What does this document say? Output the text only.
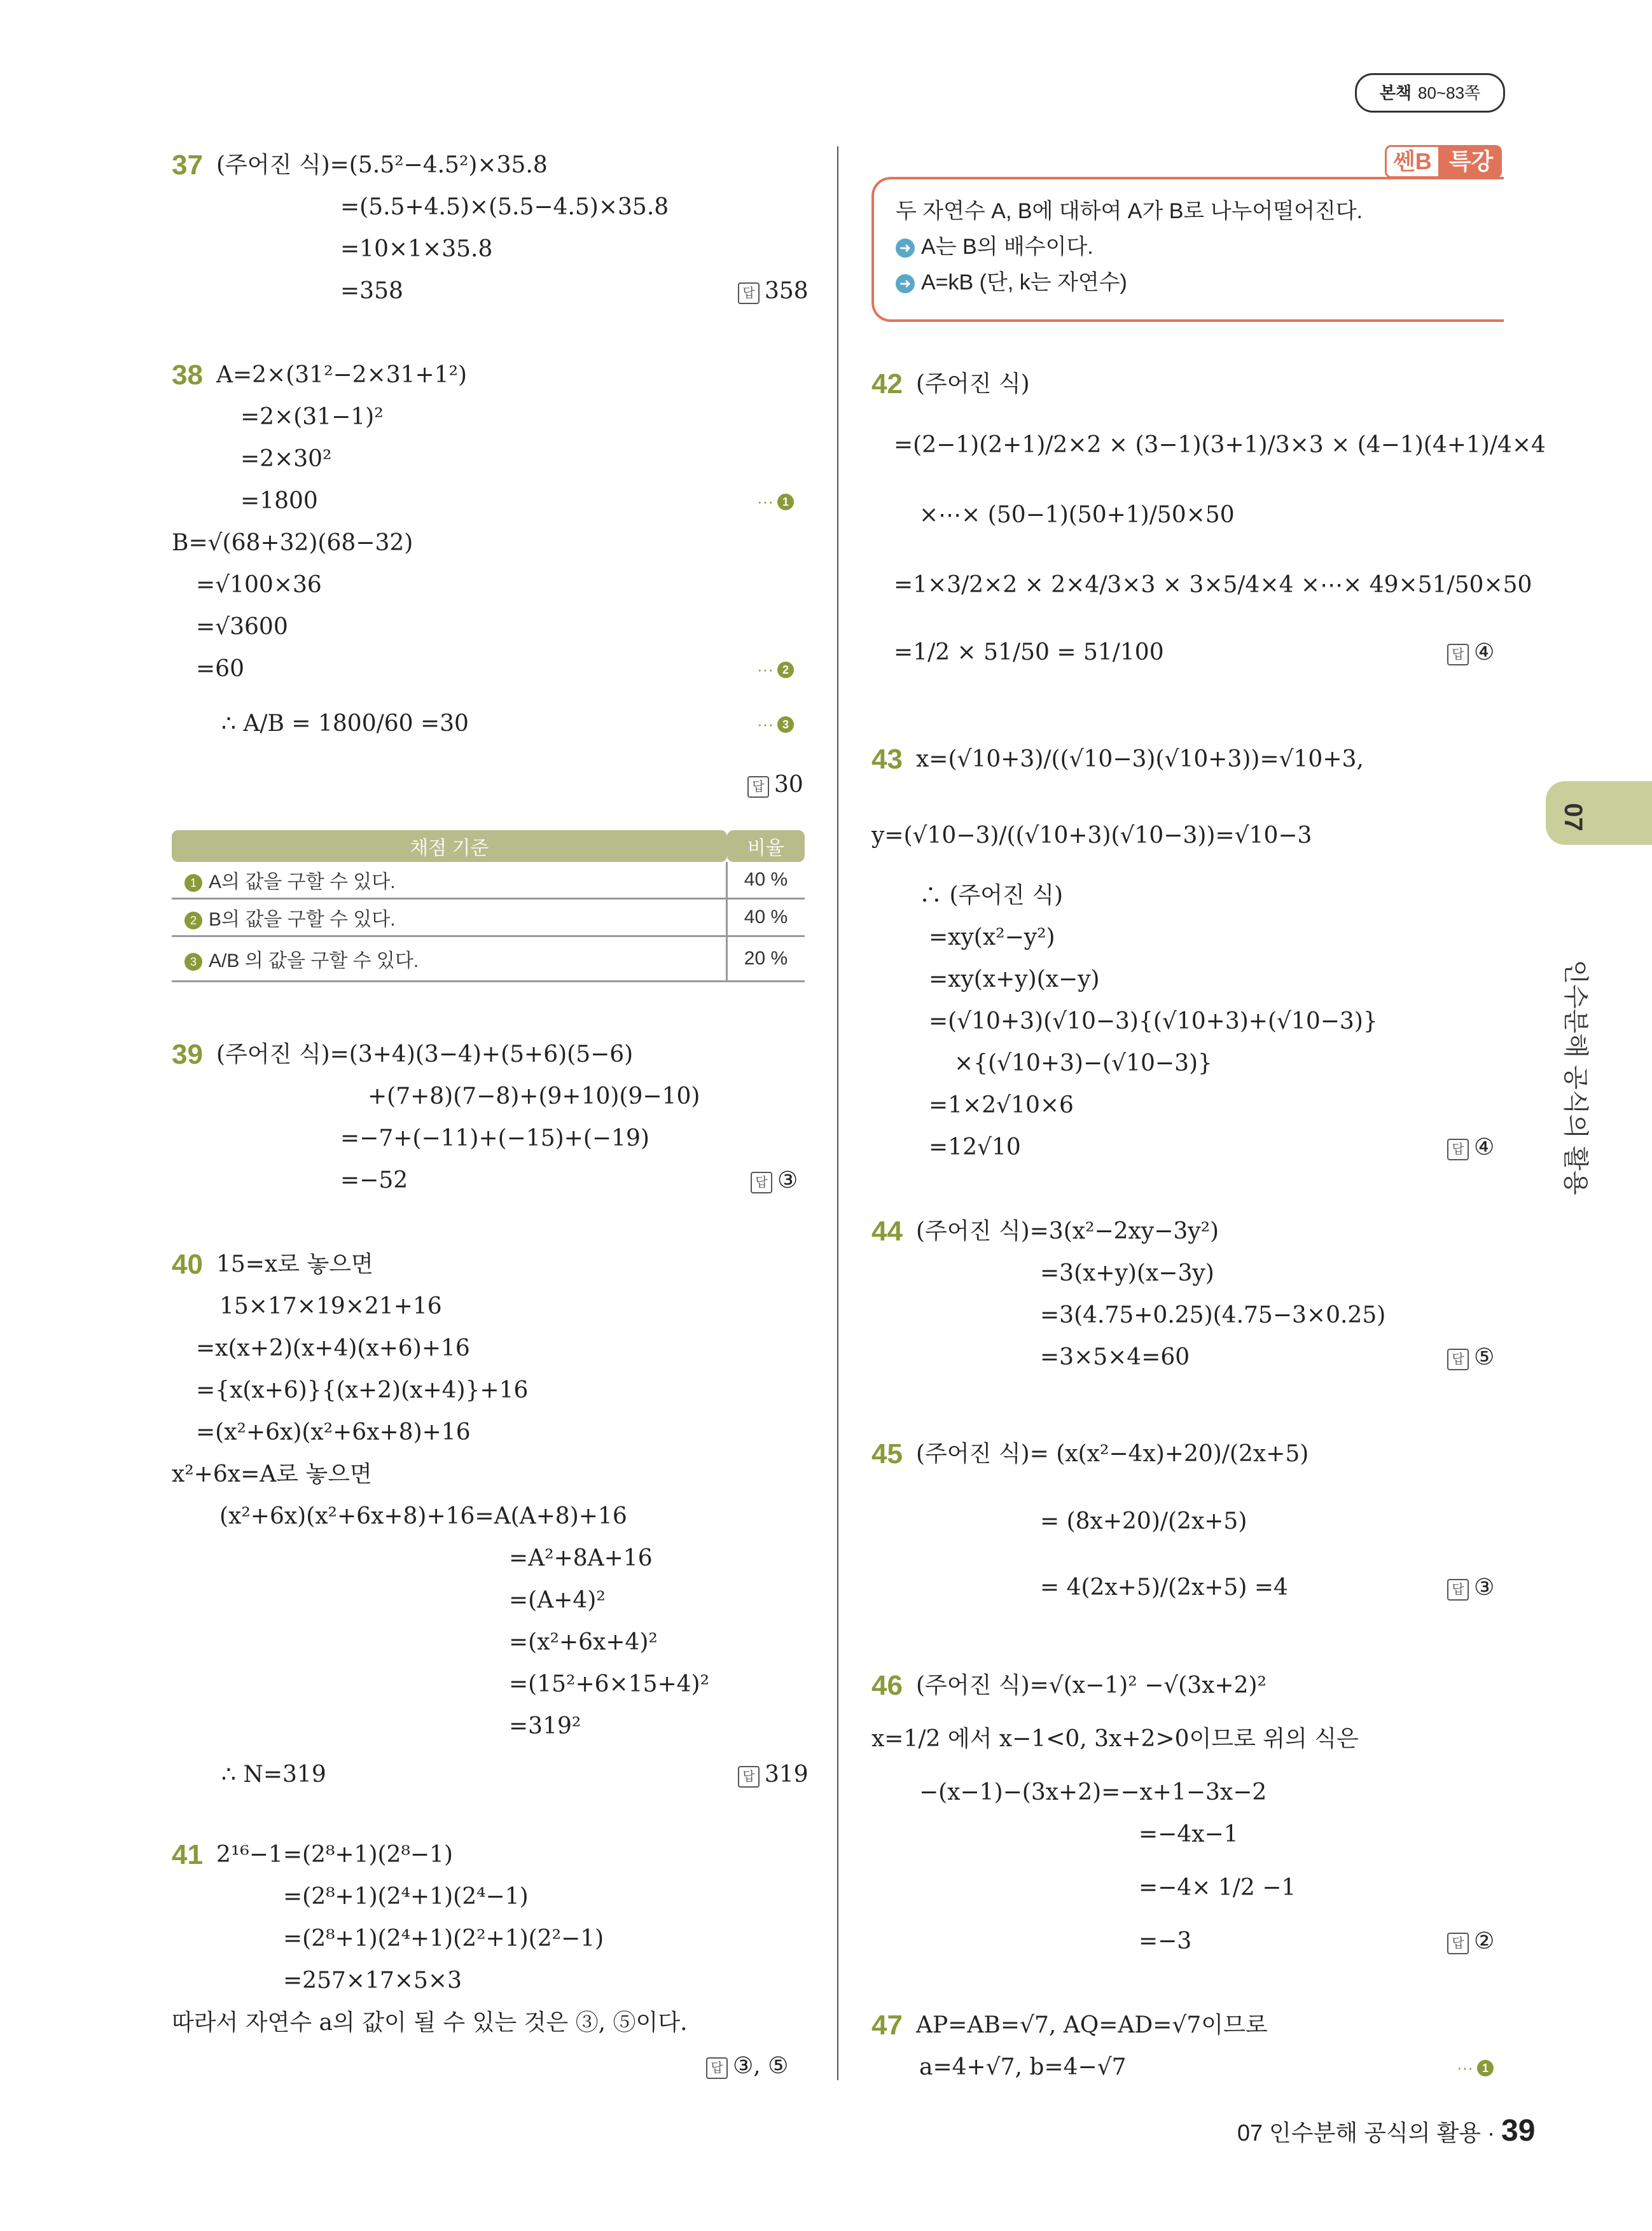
본책 80~83쪽
37 (주어진 식)=(5.5²−4.5²)×35.8
=(5.5+4.5)×(5.5−4.5)×35.8
=10×1×35.8
=358	답 358
38 A=2×(31²−2×31+1²)
=2×(31−1)²
=2×30²
=1800	··· 1
B=√(68+32)(68−32)
=√100×36
=√3600
=60	··· 2
∴ A/B = 1800/60 =30	··· 3
답 30
채점 기준	비율
1 A의 값을 구할 수 있다.	40 %
2 B의 값을 구할 수 있다.	40 %
3 A/B 의 값을 구할 수 있다.	20 %
39 (주어진 식)=(3+4)(3−4)+(5+6)(5−6)
+(7+8)(7−8)+(9+10)(9−10)
=−7+(−11)+(−15)+(−19)
=−52	답 ③
40 15=x로 놓으면
15×17×19×21+16
=x(x+2)(x+4)(x+6)+16
={x(x+6)}{(x+2)(x+4)}+16
=(x²+6x)(x²+6x+8)+16
x²+6x=A로 놓으면
(x²+6x)(x²+6x+8)+16=A(A+8)+16
=A²+8A+16
=(A+4)²
=(x²+6x+4)²
=(15²+6×15+4)²
=319²
∴ N=319	답 319
41 2¹⁶−1=(2⁸+1)(2⁸−1)
=(2⁸+1)(2⁴+1)(2⁴−1)
=(2⁸+1)(2⁴+1)(2²+1)(2²−1)
=257×17×5×3
따라서 자연수 a의 값이 될 수 있는 것은 ③, ⑤이다.
답 ③, ⑤
쎈B 특강
두 자연수 A, B에 대하여 A가 B로 나누어떨어진다.
➜ A는 B의 배수이다.
➜ A=kB (단, k는 자연수)
42 (주어진 식)
=(2−1)(2+1)/2×2 × (3−1)(3+1)/3×3 × (4−1)(4+1)/4×4
×⋯× (50−1)(50+1)/50×50
=1×3/2×2 × 2×4/3×3 × 3×5/4×4 ×⋯× 49×51/50×50
=1/2 × 51/50 = 51/100	답 ④
43 x=(√10+3)/((√10−3)(√10+3))=√10+3,
y=(√10−3)/((√10+3)(√10−3))=√10−3
∴ (주어진 식)
=xy(x²−y²)
=xy(x+y)(x−y)
=(√10+3)(√10−3){(√10+3)+(√10−3)}
×{(√10+3)−(√10−3)}
=1×2√10×6
=12√10	답 ④
44 (주어진 식)=3(x²−2xy−3y²)
=3(x+y)(x−3y)
=3(4.75+0.25)(4.75−3×0.25)
=3×5×4=60	답 ⑤
45 (주어진 식)= (x(x²−4x)+20)/(2x+5)
= (8x+20)/(2x+5)
= 4(2x+5)/(2x+5) =4	답 ③
46 (주어진 식)=√(x−1)² −√(3x+2)²
x=1/2 에서 x−1<0, 3x+2>0이므로 위의 식은
−(x−1)−(3x+2)=−x+1−3x−2
=−4x−1
=−4× 1/2 −1
=−3	답 ②
47 AP=AB=√7, AQ=AD=√7이므로
a=4+√7, b=4−√7	··· 1
07
인수분해 공식의 활용
07 인수분해 공식의 활용 · 39
